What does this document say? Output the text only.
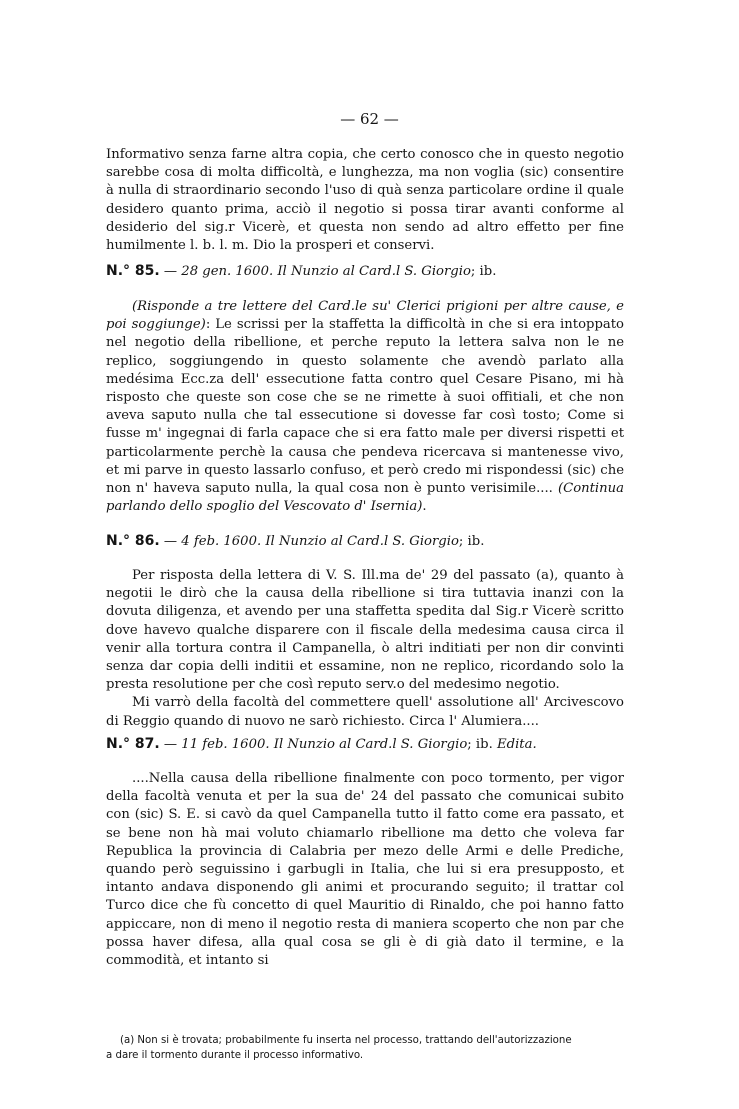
— 62 —

Informativo senza farne altra copia, che certo conosco che in questo negotio sarebbe cosa di molta difficoltà, e lunghezza, ma non voglia (sic) consentire à nulla di straordinario secondo l'uso di quà senza particolare ordine il quale desidero quanto prima, acciò il negotio si possa tirar avanti conforme al desiderio del sig.r Vicerè, et questa non sendo ad altro effetto per fine humilmente l. b. l. m. Dio la prosperi et conservi.

N.° 85. — 28 gen. 1600. Il Nunzio al Card.l S. Giorgio; ib.

(Risponde a tre lettere del Card.le su' Clerici prigioni per altre cause, e poi soggiunge): Le scrissi per la staffetta la difficoltà in che si era intoppato nel negotio della ribellione, et perche reputo la lettera salva non le ne replico, soggiungendo in questo solamente che avendò parlato alla medésima Ecc.za dell' essecutione fatta contro quel Cesare Pisano, mi hà risposto che queste son cose che se ne rimette à suoi offitiali, et che non aveva saputo nulla che tal essecutione si dovesse far così tosto; Come si fusse m' ingegnai di farla capace che si era fatto male per diversi rispetti et particolarmente perchè la causa che pendeva ricercava si mantenesse vivo, et mi parve in questo lassarlo confuso, et però credo mi rispondessi (sic) che non n' haveva saputo nulla, la qual cosa non è punto verisimile.... (Continua parlando dello spoglio del Vescovato d' Isernia).

N.° 86. — 4 feb. 1600. Il Nunzio al Card.l S. Giorgio; ib.

Per risposta della lettera di V. S. Ill.ma de' 29 del passato (a), quanto à negotii le dirò che la causa della ribellione si tira tuttavia inanzi con la dovuta diligenza, et avendo per una staffetta spedita dal Sig.r Vicerè scritto dove havevo qualche disparere con il fiscale della medesima causa circa il venir alla tortura contra il Campanella, ò altri inditiati per non dir convinti senza dar copia delli inditii et essamine, non ne replico, ricordando solo la presta resolutione per che così reputo serv.o del medesimo negotio.

Mi varrò della facoltà del commettere quell' assolutione all' Arcivescovo di Reggio quando di nuovo ne sarò richiesto. Circa l' Alumiera....

N.° 87. — 11 feb. 1600. Il Nunzio al Card.l S. Giorgio; ib. Edita.

....Nella causa della ribellione finalmente con poco tormento, per vigor della facoltà venuta et per la sua de' 24 del passato che comunicai subito con (sic) S. E. si cavò da quel Campanella tutto il fatto come era passato, et se bene non hà mai voluto chiamarlo ribellione ma detto che voleva far Republica la provincia di Calabria per mezo delle Armi e delle Prediche, quando però seguissino i garbugli in Italia, che lui si era presupposto, et intanto andava disponendo gli animi et procurando seguito; il trattar col Turco dice che fù concetto di quel Mauritio di Rinaldo, che poi hanno fatto appiccare, non di meno il negotio resta di maniera scoperto che non par che possa haver difesa, alla qual cosa se gli è di già dato il termine, e la commodità, et intanto si

(a) Non si è trovata; probabilmente fu inserta nel processo, trattando dell'autorizzazione
a dare il tormento durante il processo informativo.
